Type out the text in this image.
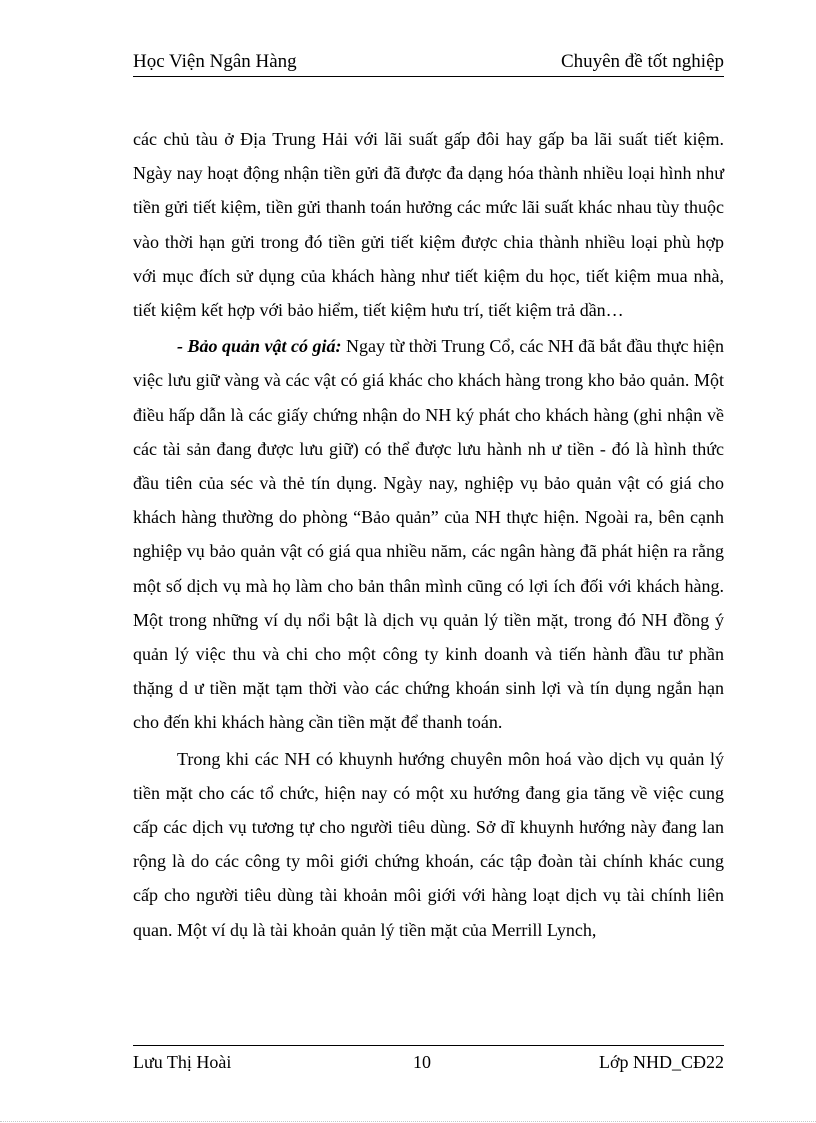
Học Viện Ngân Hàng	Chuyên đề tốt nghiệp

các chủ tàu ở Địa Trung Hải với lãi suất gấp đôi hay gấp ba lãi suất tiết kiệm. Ngày nay hoạt động nhận tiền gửi đã được đa dạng hóa thành nhiều loại hình như tiền gửi tiết kiệm, tiền gửi thanh toán hưởng các mức lãi suất khác nhau tùy thuộc vào thời hạn gửi trong đó tiền gửi tiết kiệm được chia thành nhiều loại phù hợp với mục đích sử dụng của khách hàng như tiết kiệm du học, tiết kiệm mua nhà, tiết kiệm kết hợp với bảo hiểm, tiết kiệm hưu trí, tiết kiệm trả dần…

- Bảo quản vật có giá: Ngay từ thời Trung Cổ, các NH đã bắt đầu thực hiện việc lưu giữ vàng và các vật có giá khác cho khách hàng trong kho bảo quản. Một điều hấp dẫn là các giấy chứng nhận do NH ký phát cho khách hàng (ghi nhận về các tài sản đang được lưu giữ) có thể được lưu hành nh ư tiền - đó là hình thức đầu tiên của séc và thẻ tín dụng. Ngày nay, nghiệp vụ bảo quản vật có giá cho khách hàng thường do phòng “Bảo quản” của NH thực hiện. Ngoài ra, bên cạnh nghiệp vụ bảo quản vật có giá qua nhiều năm, các ngân hàng đã phát hiện ra rằng một số dịch vụ mà họ làm cho bản thân mình cũng có lợi ích đối với khách hàng. Một trong những ví dụ nổi bật là dịch vụ quản lý tiền mặt, trong đó NH đồng ý quản lý việc thu và chi cho một công ty kinh doanh và tiến hành đầu tư phần thặng d ư tiền mặt tạm thời vào các chứng khoán sinh lợi và tín dụng ngắn hạn cho đến khi khách hàng cần tiền mặt để thanh toán.

Trong khi các NH có khuynh hướng chuyên môn hoá vào dịch vụ quản lý tiền mặt cho các tổ chức, hiện nay có một xu hướng đang gia tăng về việc cung cấp các dịch vụ tương tự cho người tiêu dùng. Sở dĩ khuynh hướng này đang lan rộng là do các công ty môi giới chứng khoán, các tập đoàn tài chính khác cung cấp cho người tiêu dùng tài khoản môi giới với hàng loạt dịch vụ tài chính liên quan. Một ví dụ là tài khoản quản lý tiền mặt của Merrill Lynch,

Lưu Thị Hoài	10	Lớp NHD_CĐ22
